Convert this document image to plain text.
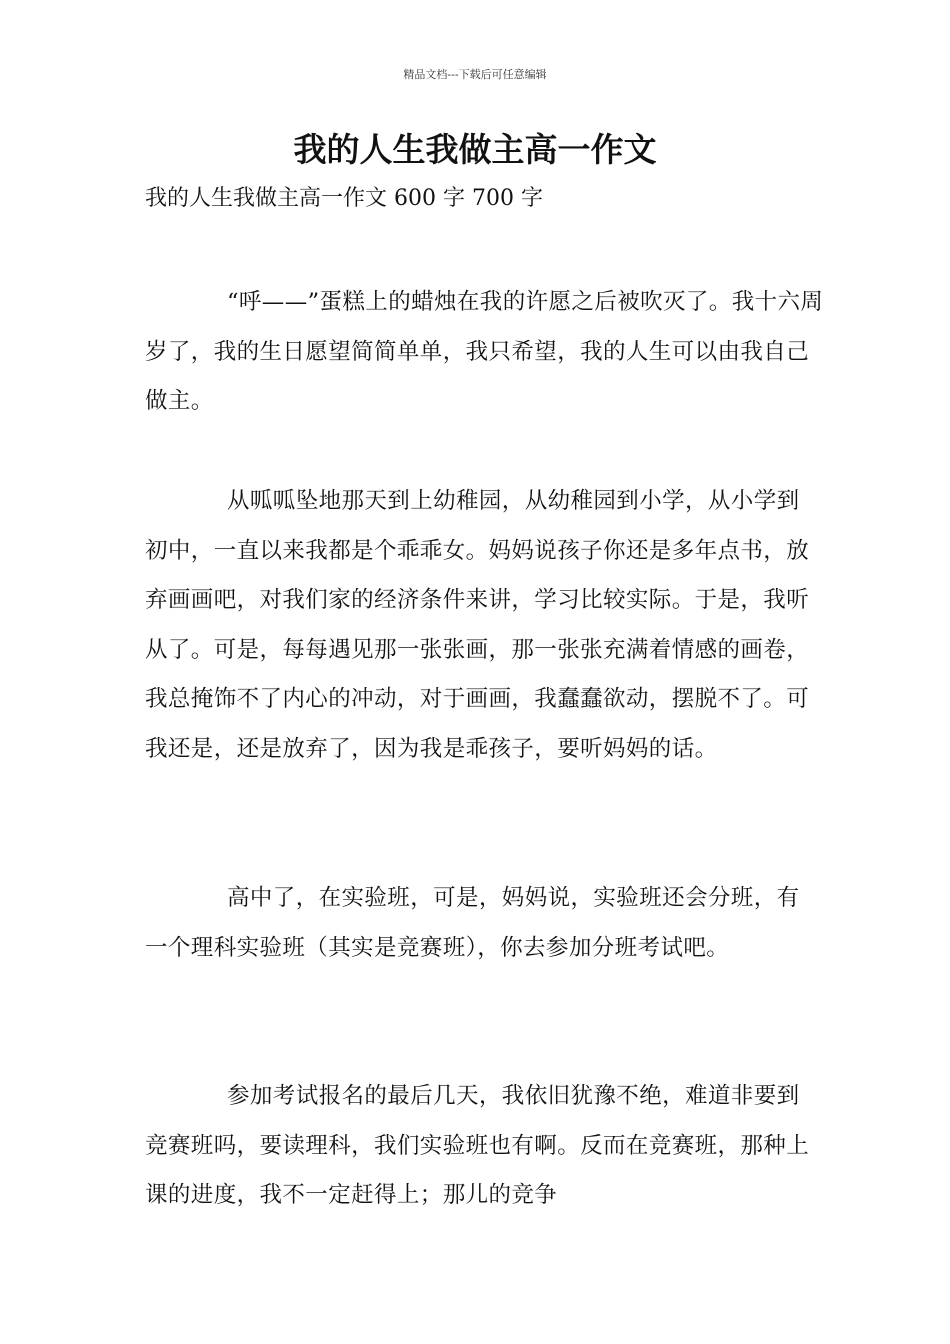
精品文档---下载后可任意编辑
我的人生我做主高一作文
我的人生我做主高一作文 600 字 700 字

“呼——”蛋糕上的蜡烛在我的许愿之后被吹灭了。我十六周岁了，我的生日愿望简简单单，我只希望，我的人生可以由我自己做主。

从呱呱坠地那天到上幼稚园，从幼稚园到小学，从小学到初中，一直以来我都是个乖乖女。妈妈说孩子你还是多年点书，放弃画画吧，对我们家的经济条件来讲，学习比较实际。于是，我听从了。可是，每每遇见那一张张画，那一张张充满着情感的画卷，我总掩饰不了内心的冲动，对于画画，我蠢蠢欲动，摆脱不了。可我还是，还是放弃了，因为我是乖孩子，要听妈妈的话。

高中了，在实验班，可是，妈妈说，实验班还会分班，有一个理科实验班（其实是竞赛班），你去参加分班考试吧。

参加考试报名的最后几天，我依旧犹豫不绝，难道非要到竞赛班吗，要读理科，我们实验班也有啊。反而在竞赛班，那种上课的进度，我不一定赶得上；那儿的竞争
